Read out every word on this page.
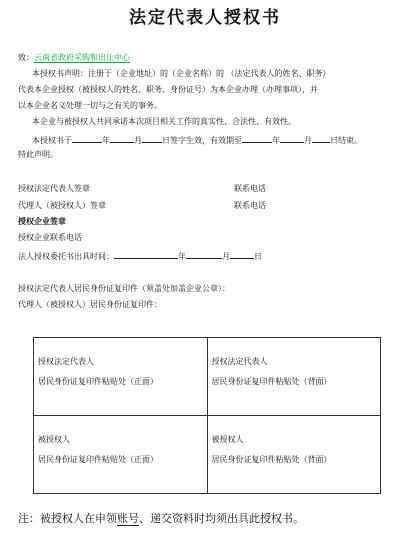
法定代表人授权书
致：云南省政府采购和出让中心
本授权书声明：注册于（企业地址）的（企业名称）的 （法定代表人的姓名、职务）
代表本企业授权（被授权人的姓名、职务、身份证号）为本企业办理（办理事项），并
以本企业名义处理一切与之有关的事务。
本企业与被授权人共同承诺本次项目相关工作的真实性、合法性、有效性。
本授权书于	年	月	日签字生效，有效期至	年	月 日结束。
特此声明。
授权法定代表人签章	联系电话
代理人（被授权人）签章	联系电话
授权企业签章
授权企业联系电话
法人授权委托书出具时间：	年	月	日
授权法定代表人居民身份证复印件（须盖处加盖企业公章）：
代理人（被授权人）居民身份证复印件：
授权法定代表人
居民身份证复印件粘贴处（正面）	授权法定代表人
居民身份证复印件粘贴处（背面）

被授权人
居民身份证复印件粘贴处（正面）	被授权人
居民身份证复印件粘贴处（背面）
注：被授权人在申领账号、递交资料时均须出具此授权书。
